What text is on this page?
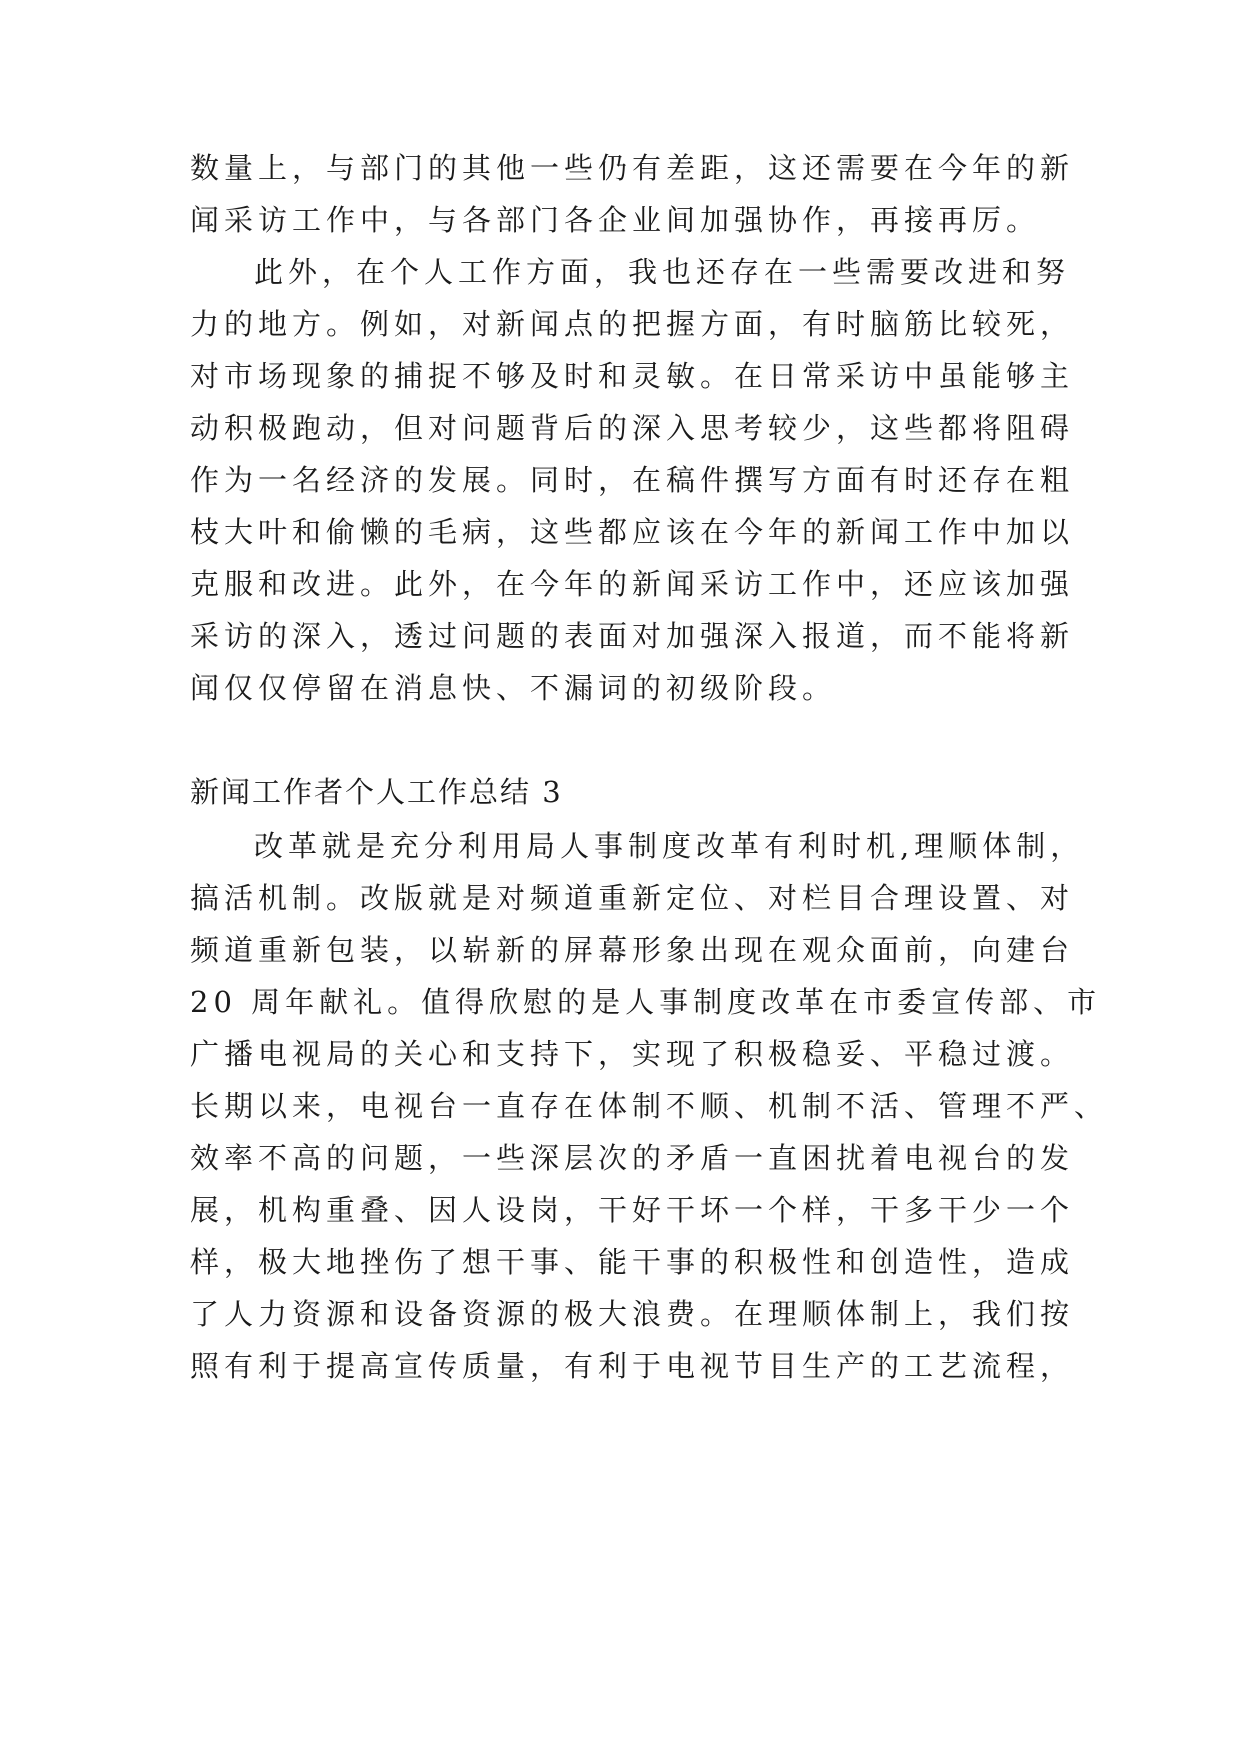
数量上，与部门的其他一些仍有差距，这还需要在今年的新
闻采访工作中，与各部门各企业间加强协作，再接再厉。
此外，在个人工作方面，我也还存在一些需要改进和努
力的地方。例如，对新闻点的把握方面，有时脑筋比较死，
对市场现象的捕捉不够及时和灵敏。在日常采访中虽能够主
动积极跑动，但对问题背后的深入思考较少，这些都将阻碍
作为一名经济的发展。同时，在稿件撰写方面有时还存在粗
枝大叶和偷懒的毛病，这些都应该在今年的新闻工作中加以
克服和改进。此外，在今年的新闻采访工作中，还应该加强
采访的深入，透过问题的表面对加强深入报道，而不能将新
闻仅仅停留在消息快、不漏词的初级阶段。
新闻工作者个人工作总结 3
改革就是充分利用局人事制度改革有利时机,理顺体制，
搞活机制。改版就是对频道重新定位、对栏目合理设置、对
频道重新包装，以崭新的屏幕形象出现在观众面前，向建台
20 周年献礼。值得欣慰的是人事制度改革在市委宣传部、市
广播电视局的关心和支持下，实现了积极稳妥、平稳过渡。
长期以来，电视台一直存在体制不顺、机制不活、管理不严、
效率不高的问题，一些深层次的矛盾一直困扰着电视台的发
展，机构重叠、因人设岗，干好干坏一个样，干多干少一个
样，极大地挫伤了想干事、能干事的积极性和创造性，造成
了人力资源和设备资源的极大浪费。在理顺体制上，我们按
照有利于提高宣传质量，有利于电视节目生产的工艺流程，
